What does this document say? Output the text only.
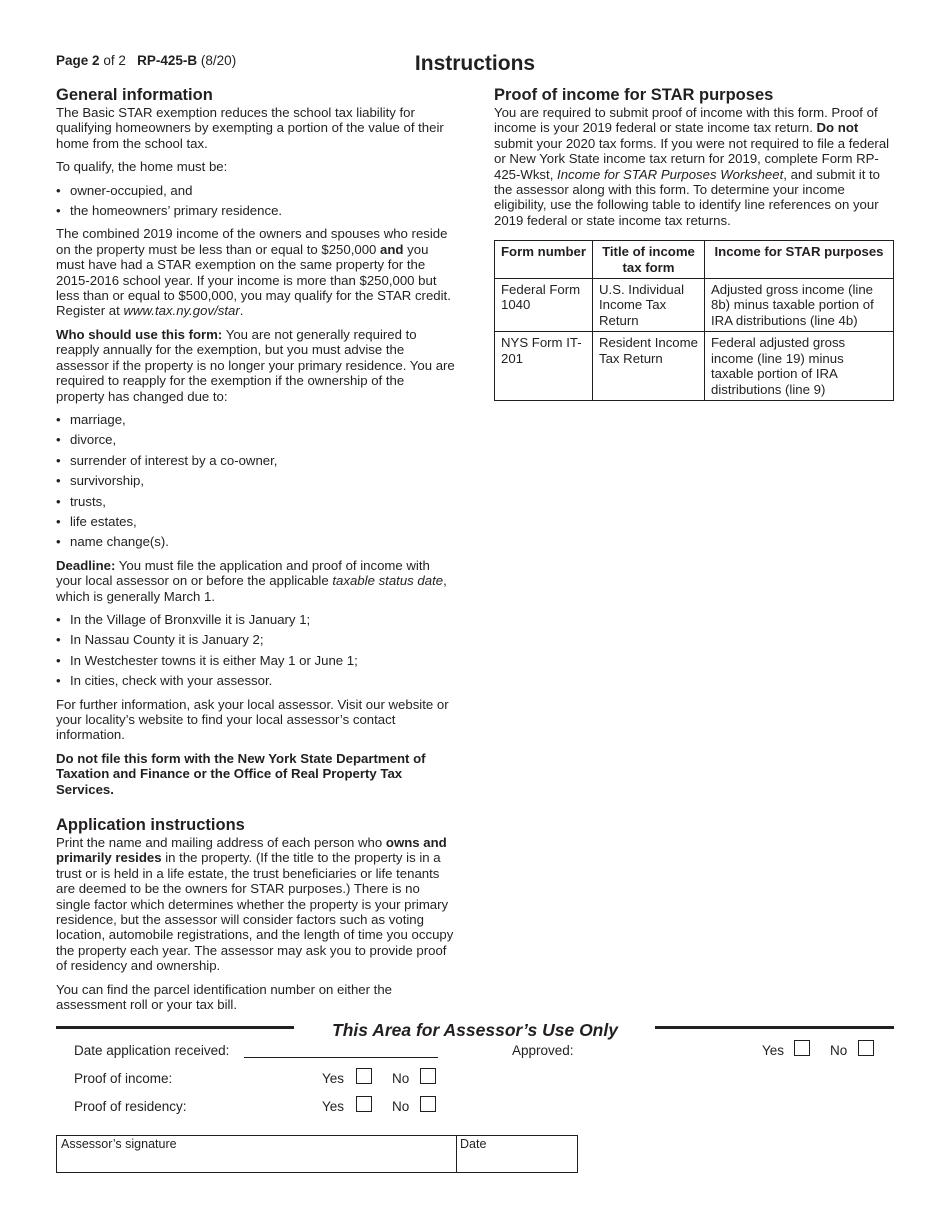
Page 2 of 2 RP-425-B (8/20)	Instructions
General information

The Basic STAR exemption reduces the school tax liability for qualifying homeowners by exempting a portion of the value of their home from the school tax.

To qualify, the home must be:

• owner-occupied, and
• the homeowners’ primary residence.

The combined 2019 income of the owners and spouses who reside on the property must be less than or equal to $250,000 and you must have had a STAR exemption on the same property for the 2015-2016 school year. If your income is more than $250,000 but less than or equal to $500,000, you may qualify for the STAR credit. Register at www.tax.ny.gov/star.

Who should use this form: You are not generally required to reapply annually for the exemption, but you must advise the assessor if the property is no longer your primary residence. You are required to reapply for the exemption if the ownership of the property has changed due to:

• marriage,
• divorce,
• surrender of interest by a co-owner,
• survivorship,
• trusts,
• life estates,
• name change(s).

Deadline: You must file the application and proof of income with your local assessor on or before the applicable taxable status date, which is generally March 1.

• In the Village of Bronxville it is January 1;
• In Nassau County it is January 2;
• In Westchester towns it is either May 1 or June 1;
• In cities, check with your assessor.

For further information, ask your local assessor. Visit our website or your locality’s website to find your local assessor’s contact information.

Do not file this form with the New York State Department of Taxation and Finance or the Office of Real Property Tax Services.

Application instructions

Print the name and mailing address of each person who owns and primarily resides in the property. (If the title to the property is in a trust or is held in a life estate, the trust beneficiaries or life tenants are deemed to be the owners for STAR purposes.) There is no single factor which determines whether the property is your primary residence, but the assessor will consider factors such as voting location, automobile registrations, and the length of time you occupy the property each year. The assessor may ask you to provide proof of residency and ownership.

You can find the parcel identification number on either the assessment roll or your tax bill.

Proof of income for STAR purposes

You are required to submit proof of income with this form. Proof of income is your 2019 federal or state income tax return. Do not submit your 2020 tax forms. If you were not required to file a federal or New York State income tax return for 2019, complete Form RP-425-Wkst, Income for STAR Purposes Worksheet, and submit it to the assessor along with this form. To determine your income eligibility, use the following table to identify line references on your 2019 federal or state income tax returns.

Form number	Title of income tax form	Income for STAR purposes
Federal Form 1040	U.S. Individual Income Tax Return	Adjusted gross income (line 8b) minus taxable portion of IRA distributions (line 4b)
NYS Form IT-201	Resident Income Tax Return	Federal adjusted gross income (line 19) minus taxable portion of IRA distributions (line 9)
This Area for Assessor’s Use Only
Date application received:	Approved:	Yes	No
Proof of income:	Yes	No
Proof of residency:	Yes	No
Assessor’s signature	Date
